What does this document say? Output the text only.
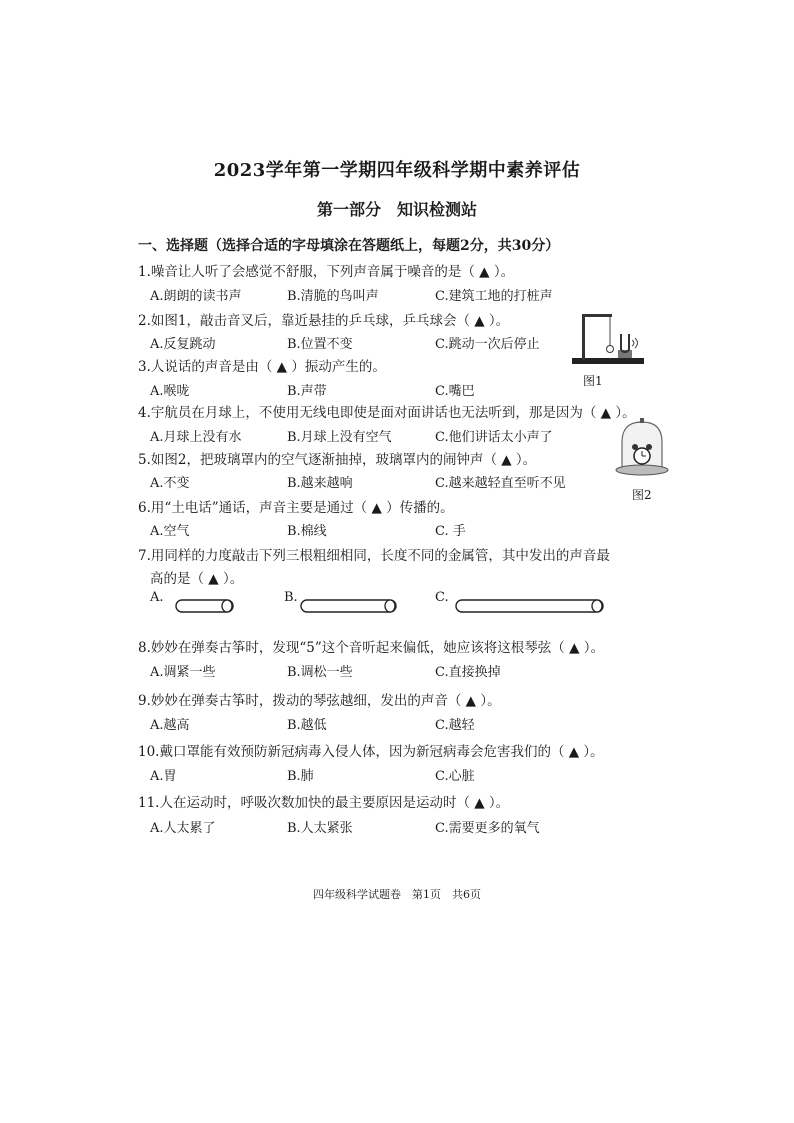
2023学年第一学期四年级科学期中素养评估
第一部分　知识检测站
一、选择题（选择合适的字母填涂在答题纸上，每题2分，共30分）
1.噪音让人听了会感觉不舒服，下列声音属于噪音的是（ ▲ ）。
A.朗朗的读书声	B.清脆的鸟叫声	C.建筑工地的打桩声
2.如图1，敲击音叉后，靠近悬挂的乒乓球，乒乓球会（ ▲ ）。
A.反复跳动	B.位置不变	C.跳动一次后停止
3.人说话的声音是由（ ▲ ）振动产生的。
A.喉咙	B.声带	C.嘴巴
图1
4.宇航员在月球上，不使用无线电即使是面对面讲话也无法听到，那是因为（ ▲ ）。
A.月球上没有水	B.月球上没有空气	C.他们讲话太小声了
5.如图2，把玻璃罩内的空气逐渐抽掉，玻璃罩内的闹钟声（ ▲ ）。
A.不变	B.越来越响	C.越来越轻直至听不见
图2
6.用“土电话”通话，声音主要是通过（ ▲ ）传播的。
A.空气	B.棉线	C. 手
7.用同样的力度敲击下列三根粗细相同，长度不同的金属管，其中发出的声音最
高的是（ ▲ ）。
A.	B.	C.
8.妙妙在弹奏古筝时，发现“5”这个音听起来偏低，她应该将这根琴弦（ ▲ ）。
A.调紧一些	B.调松一些	C.直接换掉
9.妙妙在弹奏古筝时，拨动的琴弦越细，发出的声音（ ▲ ）。
A.越高	B.越低	C.越轻
10.戴口罩能有效预防新冠病毒入侵人体，因为新冠病毒会危害我们的（ ▲ ）。
A.胃	B.肺	C.心脏
11.人在运动时，呼吸次数加快的最主要原因是运动时（ ▲ ）。
A.人太累了	B.人太紧张	C.需要更多的氧气
四年级科学试题卷　第1页　共6页
